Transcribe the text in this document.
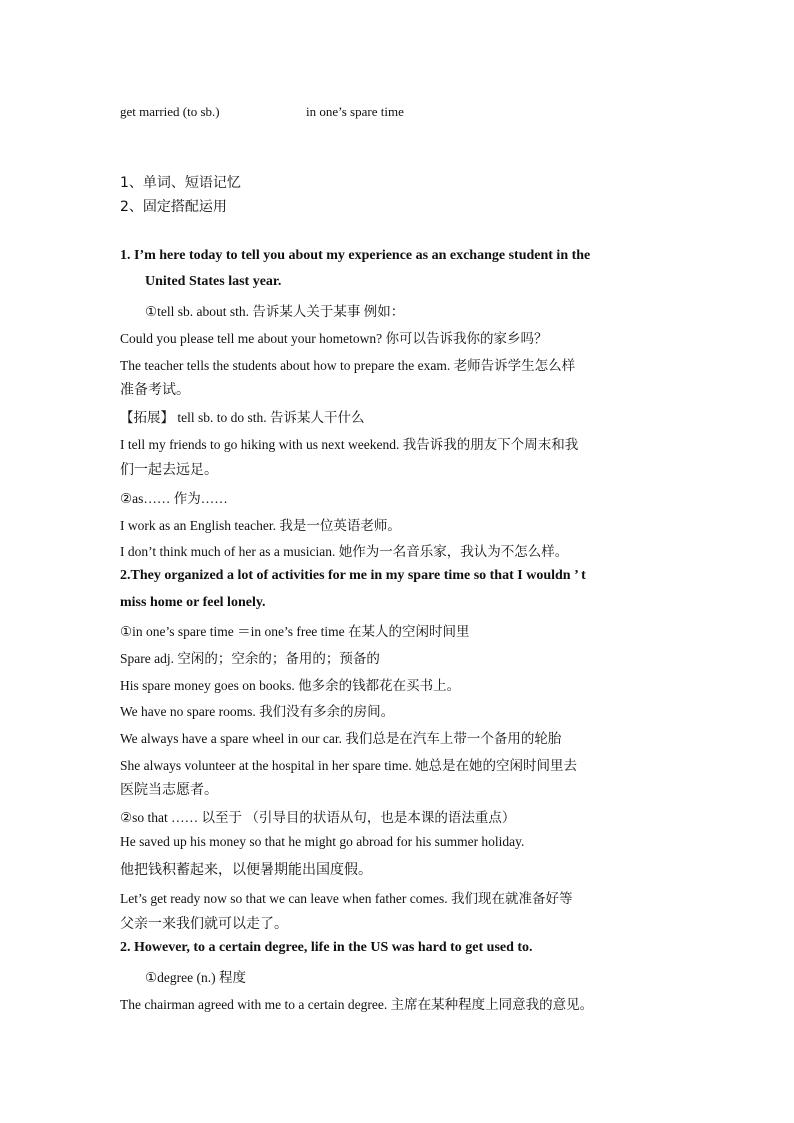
get married (to sb.)	in one’s spare time
1、单词、短语记忆
2、固定搭配运用
1. I’m here today to tell you about my experience as an exchange student in the
United States last year.
①tell sb. about sth. 告诉某人关于某事 例如：
Could you please tell me about your hometown? 你可以告诉我你的家乡吗？
The teacher tells the students about how to prepare the exam. 老师告诉学生怎么样
准备考试。
【拓展】 tell sb. to do sth. 告诉某人干什么
I tell my friends to go hiking with us next weekend. 我告诉我的朋友下个周末和我
们一起去远足。
②as…… 作为……
I work as an English teacher. 我是一位英语老师。
I don’t think much of her as a musician. 她作为一名音乐家，我认为不怎么样。
2.They organized a lot of activities for me in my spare time so that I wouldn ’ t
miss home or feel lonely.
①in one’s spare time ＝in one’s free time 在某人的空闲时间里
Spare adj. 空闲的；空余的；备用的；预备的
His spare money goes on books. 他多余的钱都花在买书上。
We have no spare rooms. 我们没有多余的房间。
We always have a spare wheel in our car. 我们总是在汽车上带一个备用的轮胎
She always volunteer at the hospital in her spare time. 她总是在她的空闲时间里去
医院当志愿者。
②so that …… 以至于 （引导目的状语从句，也是本课的语法重点）
He saved up his money so that he might go abroad for his summer holiday.
他把钱积蓄起来，以便暑期能出国度假。
Let’s get ready now so that we can leave when father comes. 我们现在就准备好等
父亲一来我们就可以走了。
2. However, to a certain degree, life in the US was hard to get used to.
①degree (n.) 程度
The chairman agreed with me to a certain degree. 主席在某种程度上同意我的意见。
